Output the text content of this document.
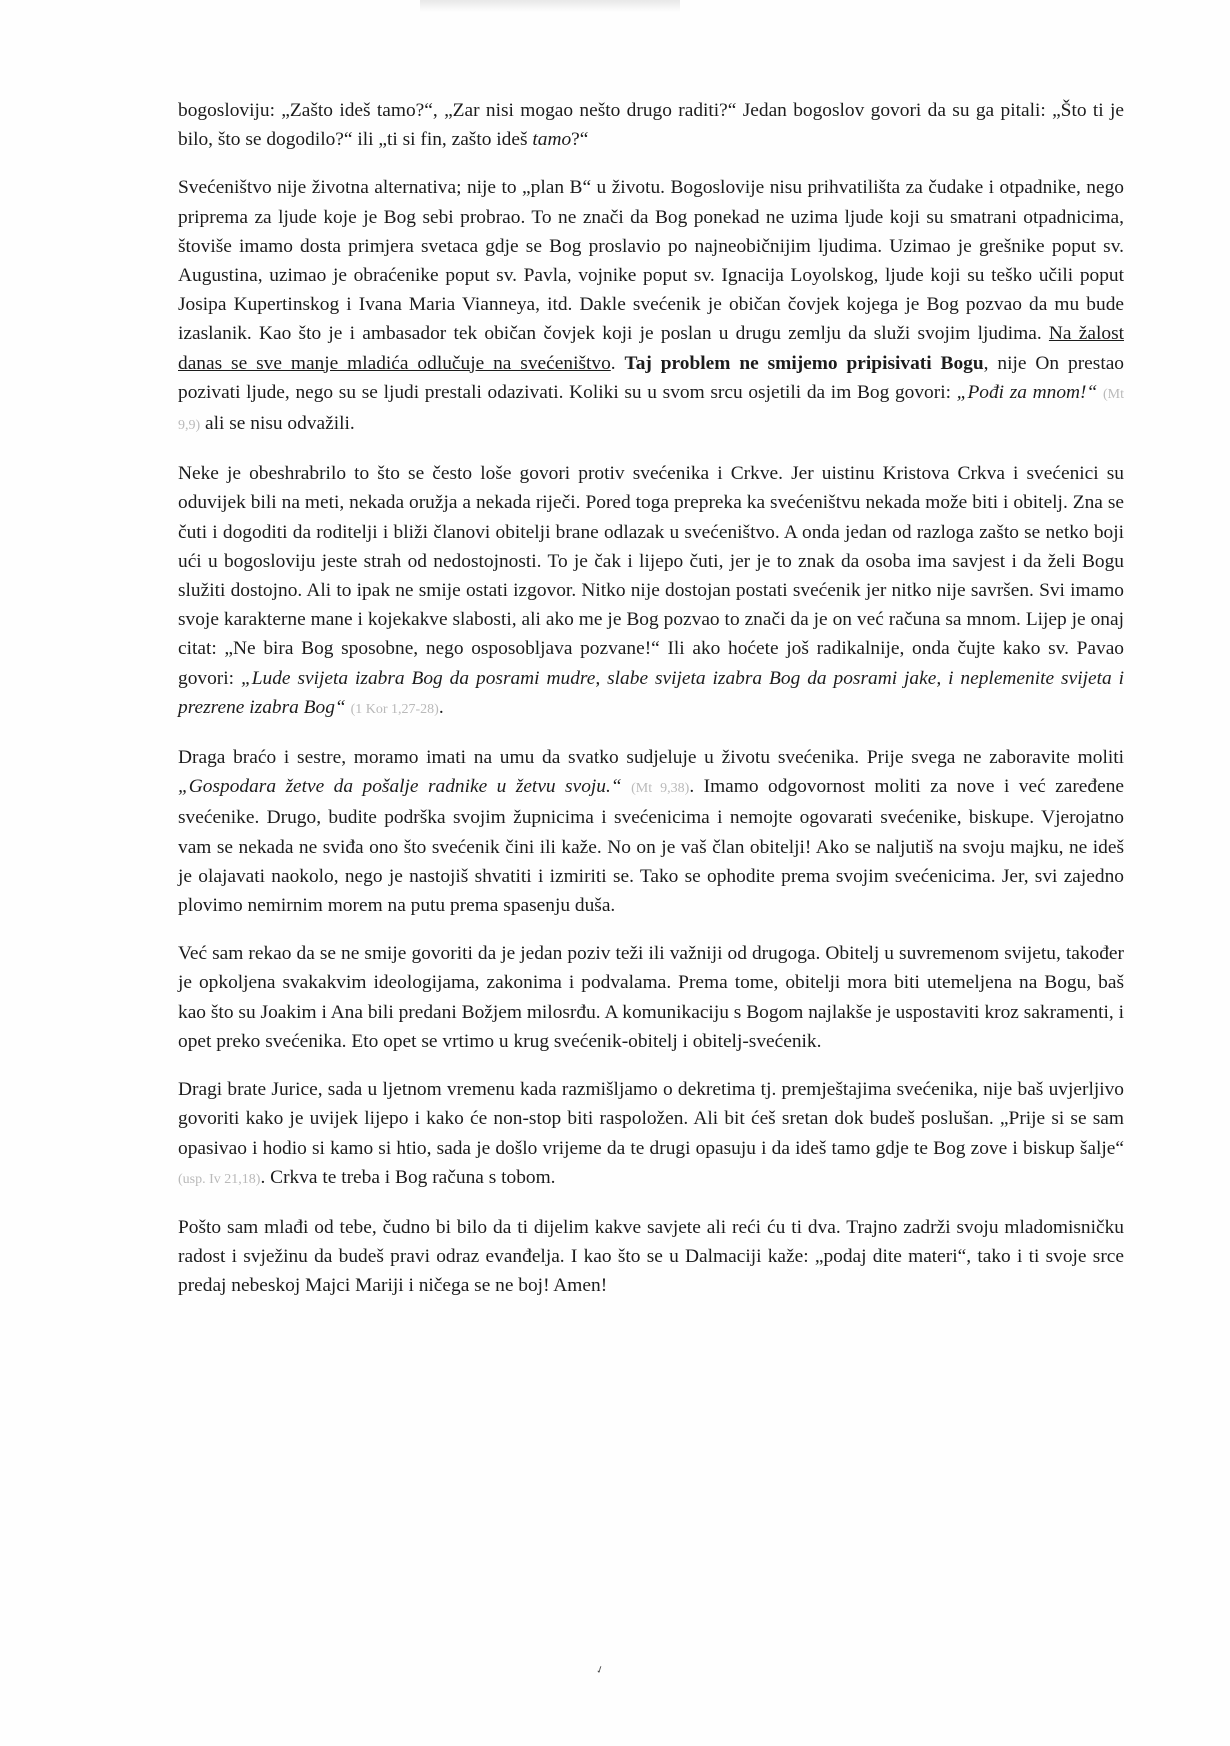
bogosloviju: „Zašto ideš tamo?“, „Zar nisi mogao nešto drugo raditi?“ Jedan bogoslov govori da su ga pitali: „Što ti je bilo, što se dogodilo?“ ili „ti si fin, zašto ideš tamo?“

Svećeništvo nije životna alternativa; nije to „plan B“ u životu. Bogoslovije nisu prihvatilišta za čudake i otpadnike, nego priprema za ljude koje je Bog sebi probrao. To ne znači da Bog ponekad ne uzima ljude koji su smatrani otpadnicima, štoviše imamo dosta primjera svetaca gdje se Bog proslavio po najneobičnijim ljudima. Uzimao je grešnike poput sv. Augustina, uzimao je obraćenike poput sv. Pavla, vojnike poput sv. Ignacija Loyolskog, ljude koji su teško učili poput Josipa Kupertinskog i Ivana Maria Vianneya, itd. Dakle svećenik je običan čovjek kojega je Bog pozvao da mu bude izaslanik. Kao što je i ambasador tek običan čovjek koji je poslan u drugu zemlju da služi svojim ljudima. Na žalost danas se sve manje mladića odlučuje na svećeništvo. Taj problem ne smijemo pripisivati Bogu, nije On prestao pozivati ljude, nego su se ljudi prestali odazivati. Koliki su u svom srcu osjetili da im Bog govori: „Pođi za mnom!“ (Mt 9,9) ali se nisu odvažili.

Neke je obeshrabrilo to što se često loše govori protiv svećenika i Crkve. Jer uistinu Kristova Crkva i svećenici su oduvijek bili na meti, nekada oružja a nekada riječi. Pored toga prepreka ka svećeništvu nekada može biti i obitelj. Zna se čuti i dogoditi da roditelji i bliži članovi obitelji brane odlazak u svećeništvo. A onda jedan od razloga zašto se netko boji ući u bogosloviju jeste strah od nedostojnosti. To je čak i lijepo čuti, jer je to znak da osoba ima savjest i da želi Bogu služiti dostojno. Ali to ipak ne smije ostati izgovor. Nitko nije dostojan postati svećenik jer nitko nije savršen. Svi imamo svoje karakterne mane i kojekakve slabosti, ali ako me je Bog pozvao to znači da je on već računa sa mnom. Lijep je onaj citat: „Ne bira Bog sposobne, nego osposobljava pozvane!“ Ili ako hoćete još radikalnije, onda čujte kako sv. Pavao govori: „Lude svijeta izabra Bog da posrami mudre, slabe svijeta izabra Bog da posrami jake, i neplemenite svijeta i prezrene izabra Bog“ (1 Kor 1,27-28).

Draga braćo i sestre, moramo imati na umu da svatko sudjeluje u životu svećenika. Prije svega ne zaboravite moliti „Gospodara žetve da pošalje radnike u žetvu svoju.“ (Mt 9,38). Imamo odgovornost moliti za nove i već zaređene svećenike. Drugo, budite podrška svojim župnicima i svećenicima i nemojte ogovarati svećenike, biskupe. Vjerojatno vam se nekada ne sviđa ono što svećenik čini ili kaže. No on je vaš član obitelji! Ako se naljutiš na svoju majku, ne ideš je olajavati naokolo, nego je nastojiš shvatiti i izmiriti se. Tako se ophodite prema svojim svećenicima. Jer, svi zajedno plovimo nemirnim morem na putu prema spasenju duša.

Već sam rekao da se ne smije govoriti da je jedan poziv teži ili važniji od drugoga. Obitelj u suvremenom svijetu, također je opkoljena svakakvim ideologijama, zakonima i podvalama. Prema tome, obitelji mora biti utemeljena na Bogu, baš kao što su Joakim i Ana bili predani Božjem milosrđu. A komunikaciju s Bogom najlakše je uspostaviti kroz sakramenti, i opet preko svećenika. Eto opet se vrtimo u krug svećenik-obitelj i obitelj-svećenik.

Dragi brate Jurice, sada u ljetnom vremenu kada razmišljamo o dekretima tj. premještajima svećenika, nije baš uvjerljivo govoriti kako je uvijek lijepo i kako će non-stop biti raspoložen. Ali bit ćeš sretan dok budeš poslušan. „Prije si se sam opasivao i hodio si kamo si htio, sada je došlo vrijeme da te drugi opasuju i da ideš tamo gdje te Bog zove i biskup šalje“ (usp. Iv 21,18). Crkva te treba i Bog računa s tobom.

Pošto sam mlađi od tebe, čudno bi bilo da ti dijelim kakve savjete ali reći ću ti dva. Trajno zadrži svoju mladomisničku radost i svježinu da budeš pravi odraz evanđelja. I kao što se u Dalmaciji kaže: „podaj dite materi“, tako i ti svoje srce predaj nebeskoj Majci Mariji i ničega se ne boj! Amen!

✓
